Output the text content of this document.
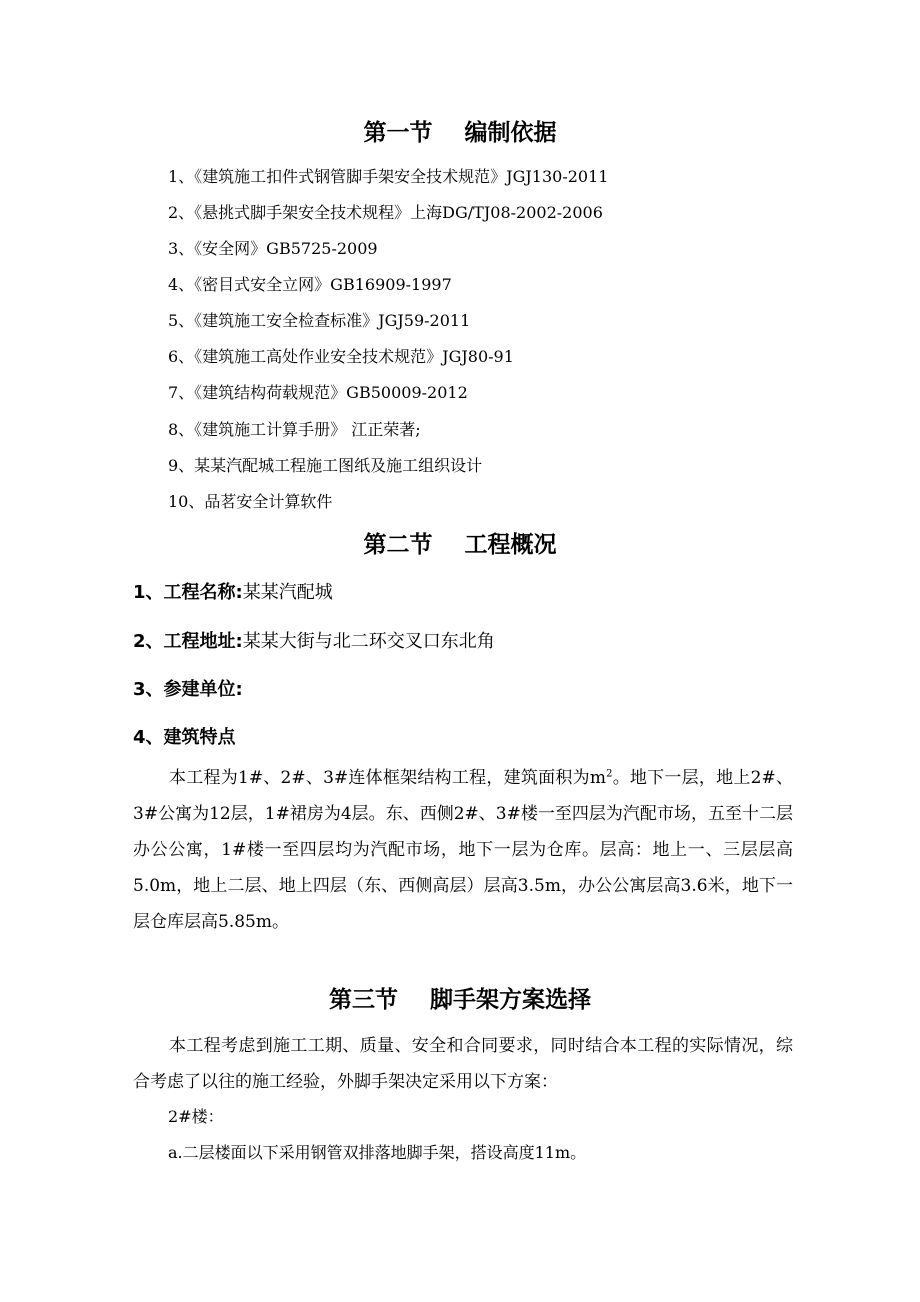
第一节    编制依据

1、《建筑施工扣件式钢管脚手架安全技术规范》JGJ130-2011

2、《悬挑式脚手架安全技术规程》上海DG/TJ08-2002-2006

3、《安全网》GB5725-2009

4、《密目式安全立网》GB16909-1997

5、《建筑施工安全检查标准》JGJ59-2011

6、《建筑施工高处作业安全技术规范》JGJ80-91

7、《建筑结构荷载规范》GB50009-2012

8、《建筑施工计算手册》 江正荣著;

9、某某汽配城工程施工图纸及施工组织设计

10、品茗安全计算软件

第二节    工程概况

1、工程名称:某某汽配城

2、工程地址:某某大街与北二环交叉口东北角

3、参建单位:

4、建筑特点

本工程为1#、2#、3#连体框架结构工程，建筑面积为$m^2$。地下一层，地上2#、3#公寓为12层，1#裙房为4层。东、西侧2#、3#楼一至四层为汽配市场，五至十二层办公公寓，1#楼一至四层均为汽配市场，地下一层为仓库。层高：地上一、三层层高5.0m，地上二层、地上四层（东、西侧高层）层高3.5m，办公公寓层高3.6米，地下一层仓库层高5.85m。

第三节    脚手架方案选择

本工程考虑到施工工期、质量、安全和合同要求，同时结合本工程的实际情况，综合考虑了以往的施工经验，外脚手架决定采用以下方案：

2#楼：

a.二层楼面以下采用钢管双排落地脚手架，搭设高度11m。
